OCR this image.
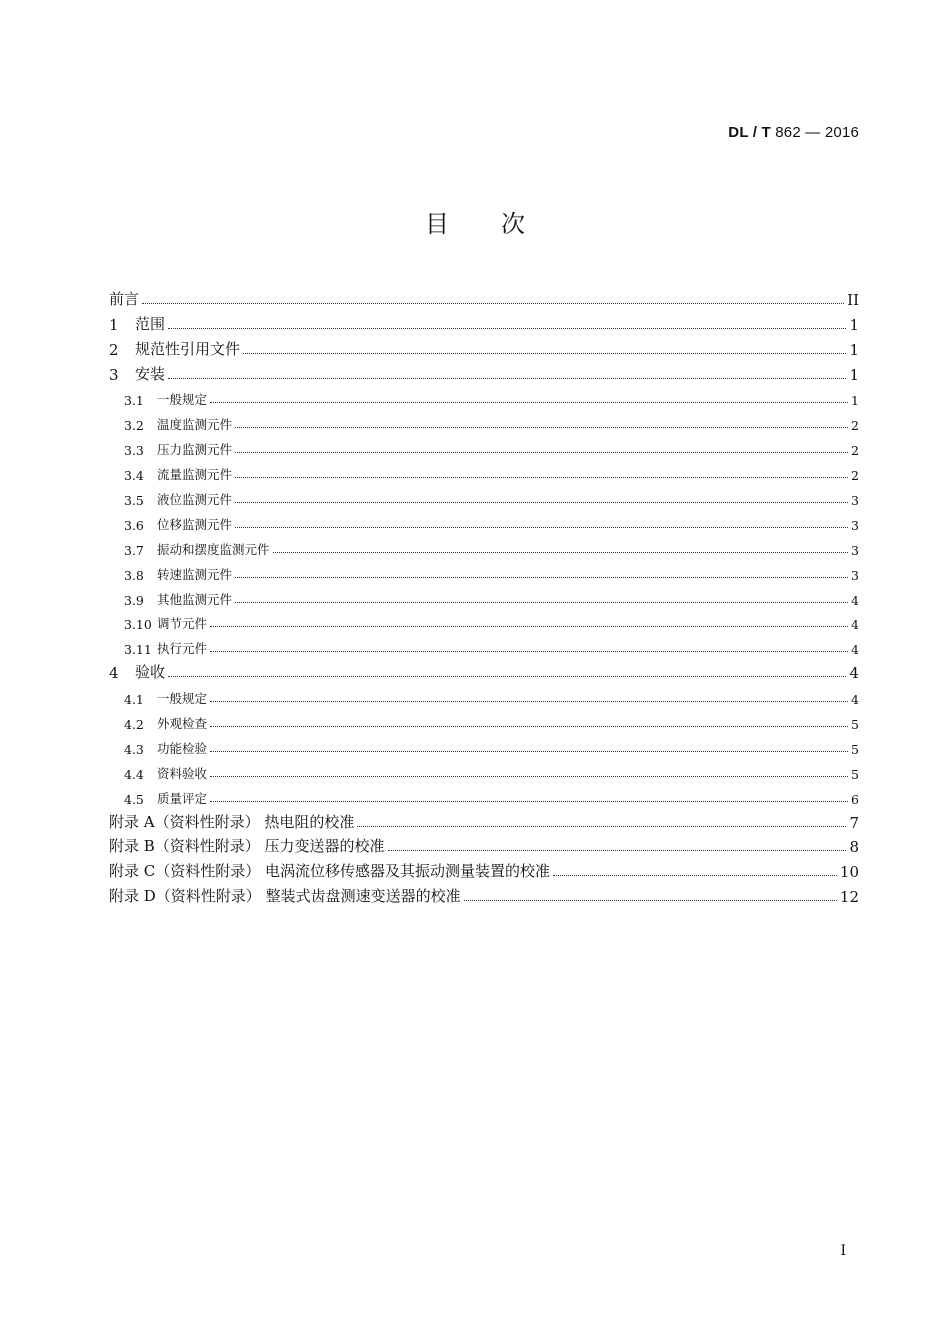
DL / T 862 — 2016
目 次
前言	II
1	范围	1
2	规范性引用文件	1
3	安装	1
3.1	一般规定	1
3.2	温度监测元件	2
3.3	压力监测元件	2
3.4	流量监测元件	2
3.5	液位监测元件	3
3.6	位移监测元件	3
3.7	振动和摆度监测元件	3
3.8	转速监测元件	3
3.9	其他监测元件	4
3.10 调节元件	4
3.11 执行元件	4
4	验收	4
4.1	一般规定	4
4.2	外观检查	5
4.3	功能检验	5
4.4	资料验收	5
4.5	质量评定	6
附录 A（资料性附录） 热电阻的校准	7
附录 B（资料性附录） 压力变送器的校准	8
附录 C（资料性附录） 电涡流位移传感器及其振动测量装置的校准	10
附录 D（资料性附录） 整装式齿盘测速变送器的校准	12
I
